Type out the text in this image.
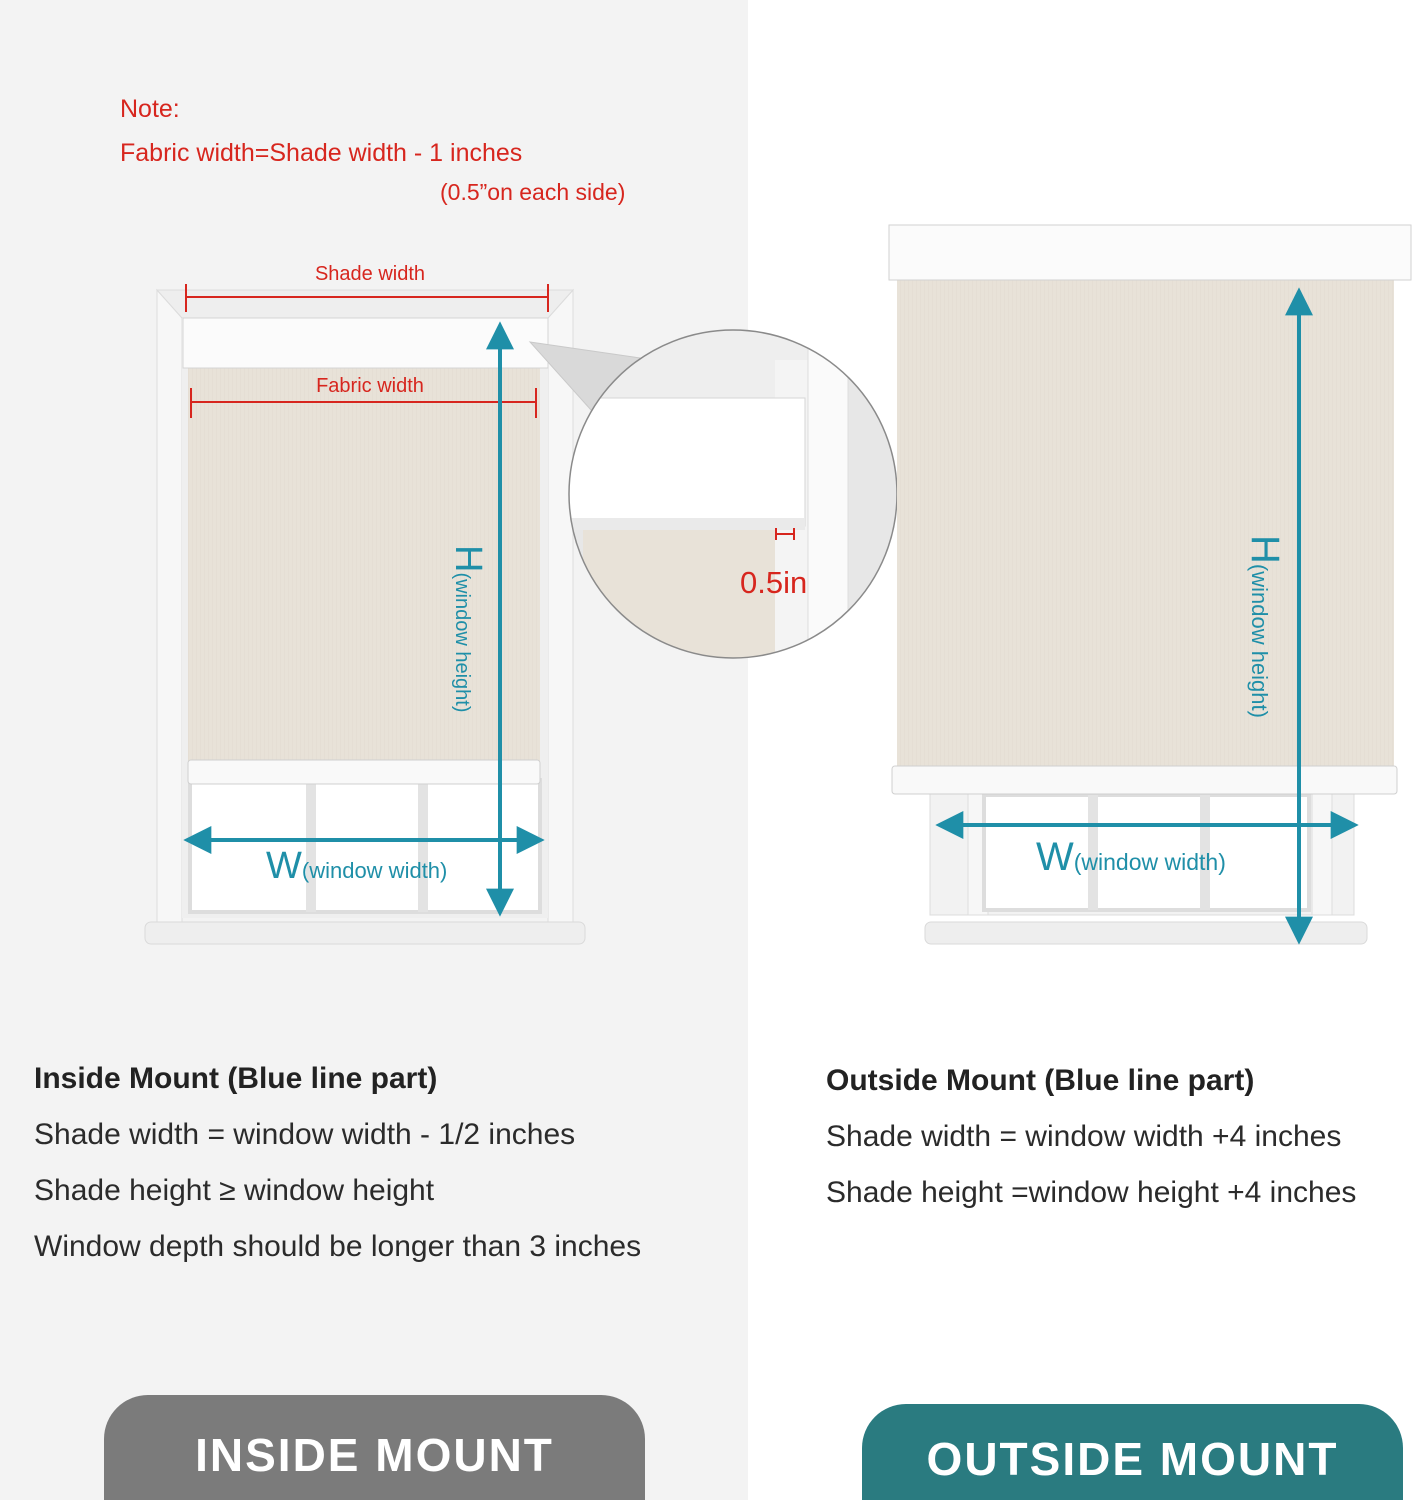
Note:
Fabric width=Shade width - 1 inches
(0.5”on each side)
Shade width
Fabric width
H(window height)
W(window width)
0.5in
H(window height)
W(window width)
Inside Mount (Blue line part)
Shade width = window width - 1/2 inches
Shade height ≥ window height
Window depth should be longer than 3 inches
Outside Mount (Blue line part)
Shade width = window width +4 inches
Shade height =window height +4 inches
INSIDE MOUNT	OUTSIDE MOUNT
